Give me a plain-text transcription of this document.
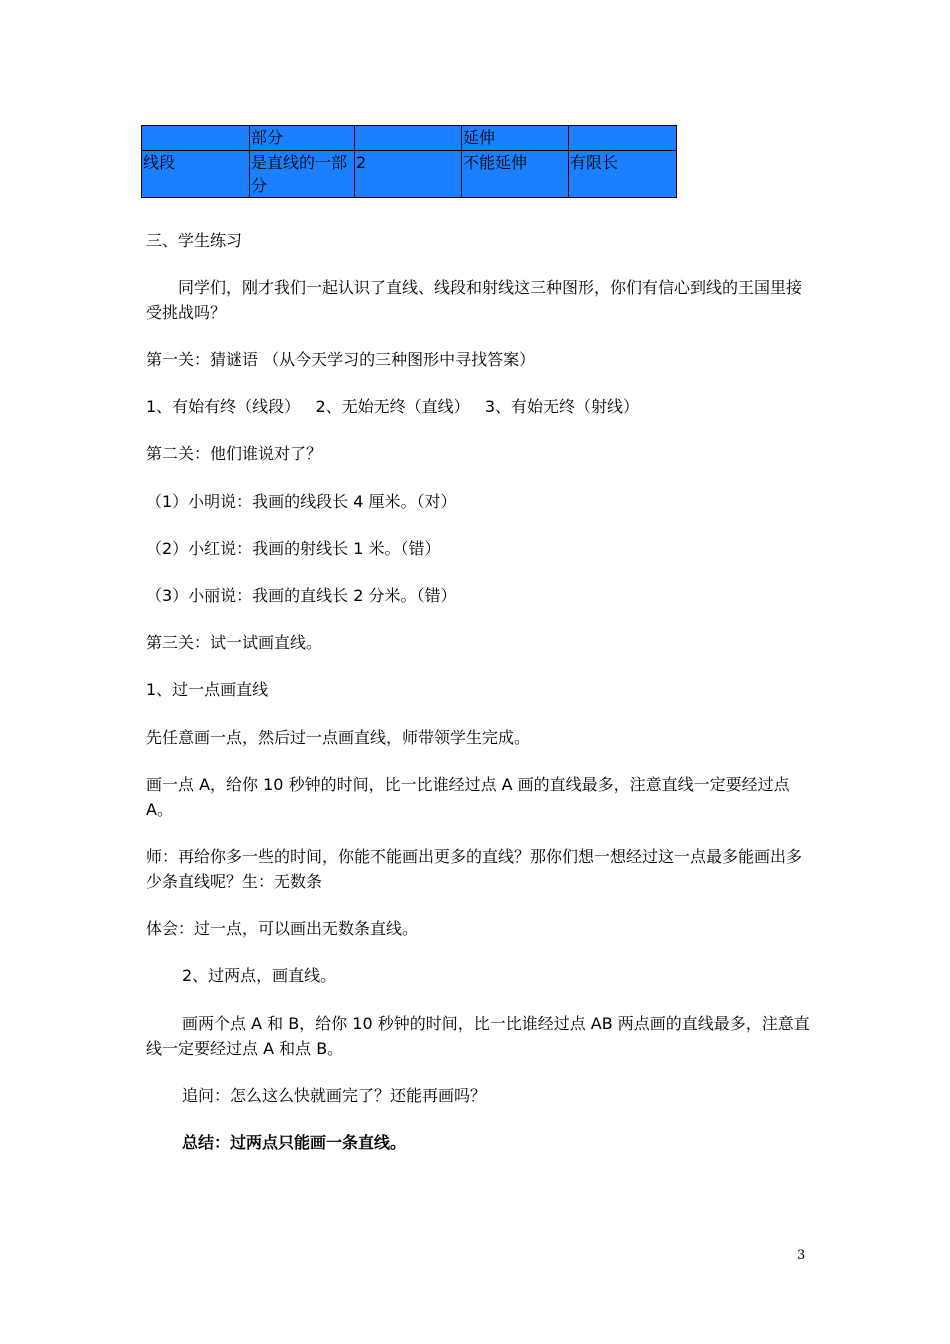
	部分		延伸	
线段	是直线的一部分	2	不能延伸	有限长

三、学生练习

同学们，刚才我们一起认识了直线、线段和射线这三种图形，你们有信心到线的王国里接受挑战吗？

第一关：猜谜语 （从今天学习的三种图形中寻找答案）

1、有始有终（线段）   2、无始无终（直线）   3、有始无终（射线）

第二关：他们谁说对了？

（1）小明说：我画的线段长 4 厘米。（对）

（2）小红说：我画的射线长 1 米。（错）

（3）小丽说：我画的直线长 2 分米。（错）

第三关：试一试画直线。

1、过一点画直线

先任意画一点，然后过一点画直线，师带领学生完成。

画一点 A，给你 10 秒钟的时间，比一比谁经过点 A 画的直线最多，注意直线一定要经过点 A。

师：再给你多一些的时间，你能不能画出更多的直线？那你们想一想经过这一点最多能画出多少条直线呢？生：无数条

体会：过一点，可以画出无数条直线。

2、过两点，画直线。

画两个点 A 和 B，给你 10 秒钟的时间，比一比谁经过点 AB 两点画的直线最多，注意直线一定要经过点 A 和点 B。

追问：怎么这么快就画完了？还能再画吗？

总结：过两点只能画一条直线。

3
